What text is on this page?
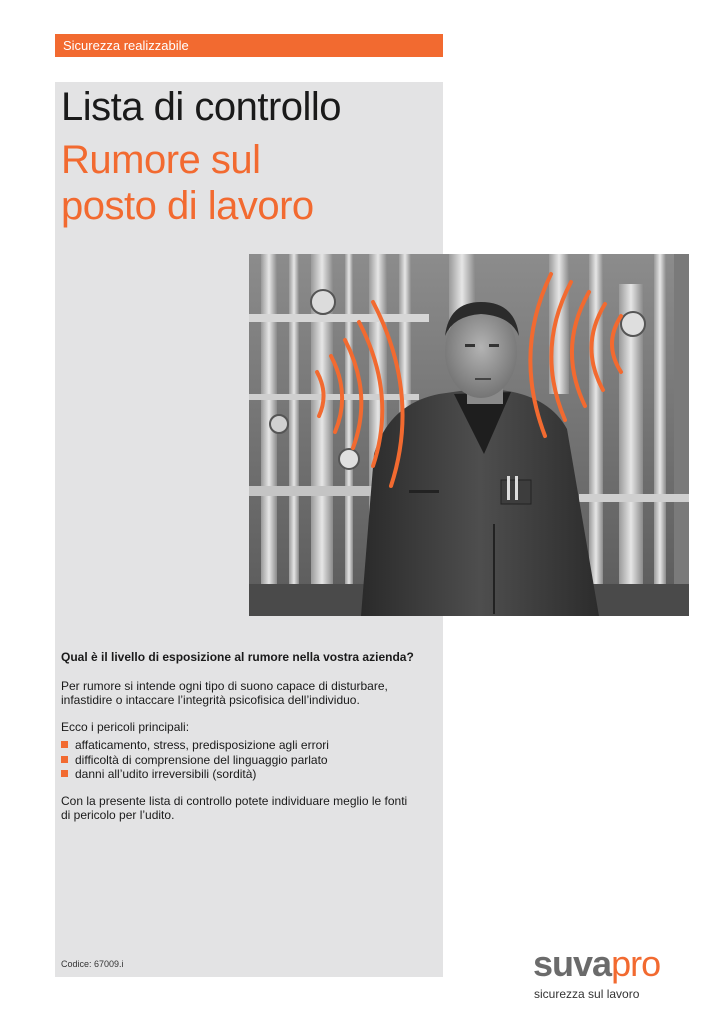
Sicurezza realizzabile
Lista di controllo
Rumore sul
posto di lavoro

Qual è il livello di esposizione al rumore nella vostra azienda?

Per rumore si intende ogni tipo di suono capace di disturbare,
infastidire o intaccare l’integrità psicofisica dell’individuo.

Ecco i pericoli principali:

affaticamento, stress, predisposizione agli errori
difficoltà di comprensione del linguaggio parlato
danni all’udito irreversibili (sordità)

Con la presente lista di controllo potete individuare meglio le fonti
di pericolo per l’udito.

Codice: 67009.i	suvapro
sicurezza sul lavoro
